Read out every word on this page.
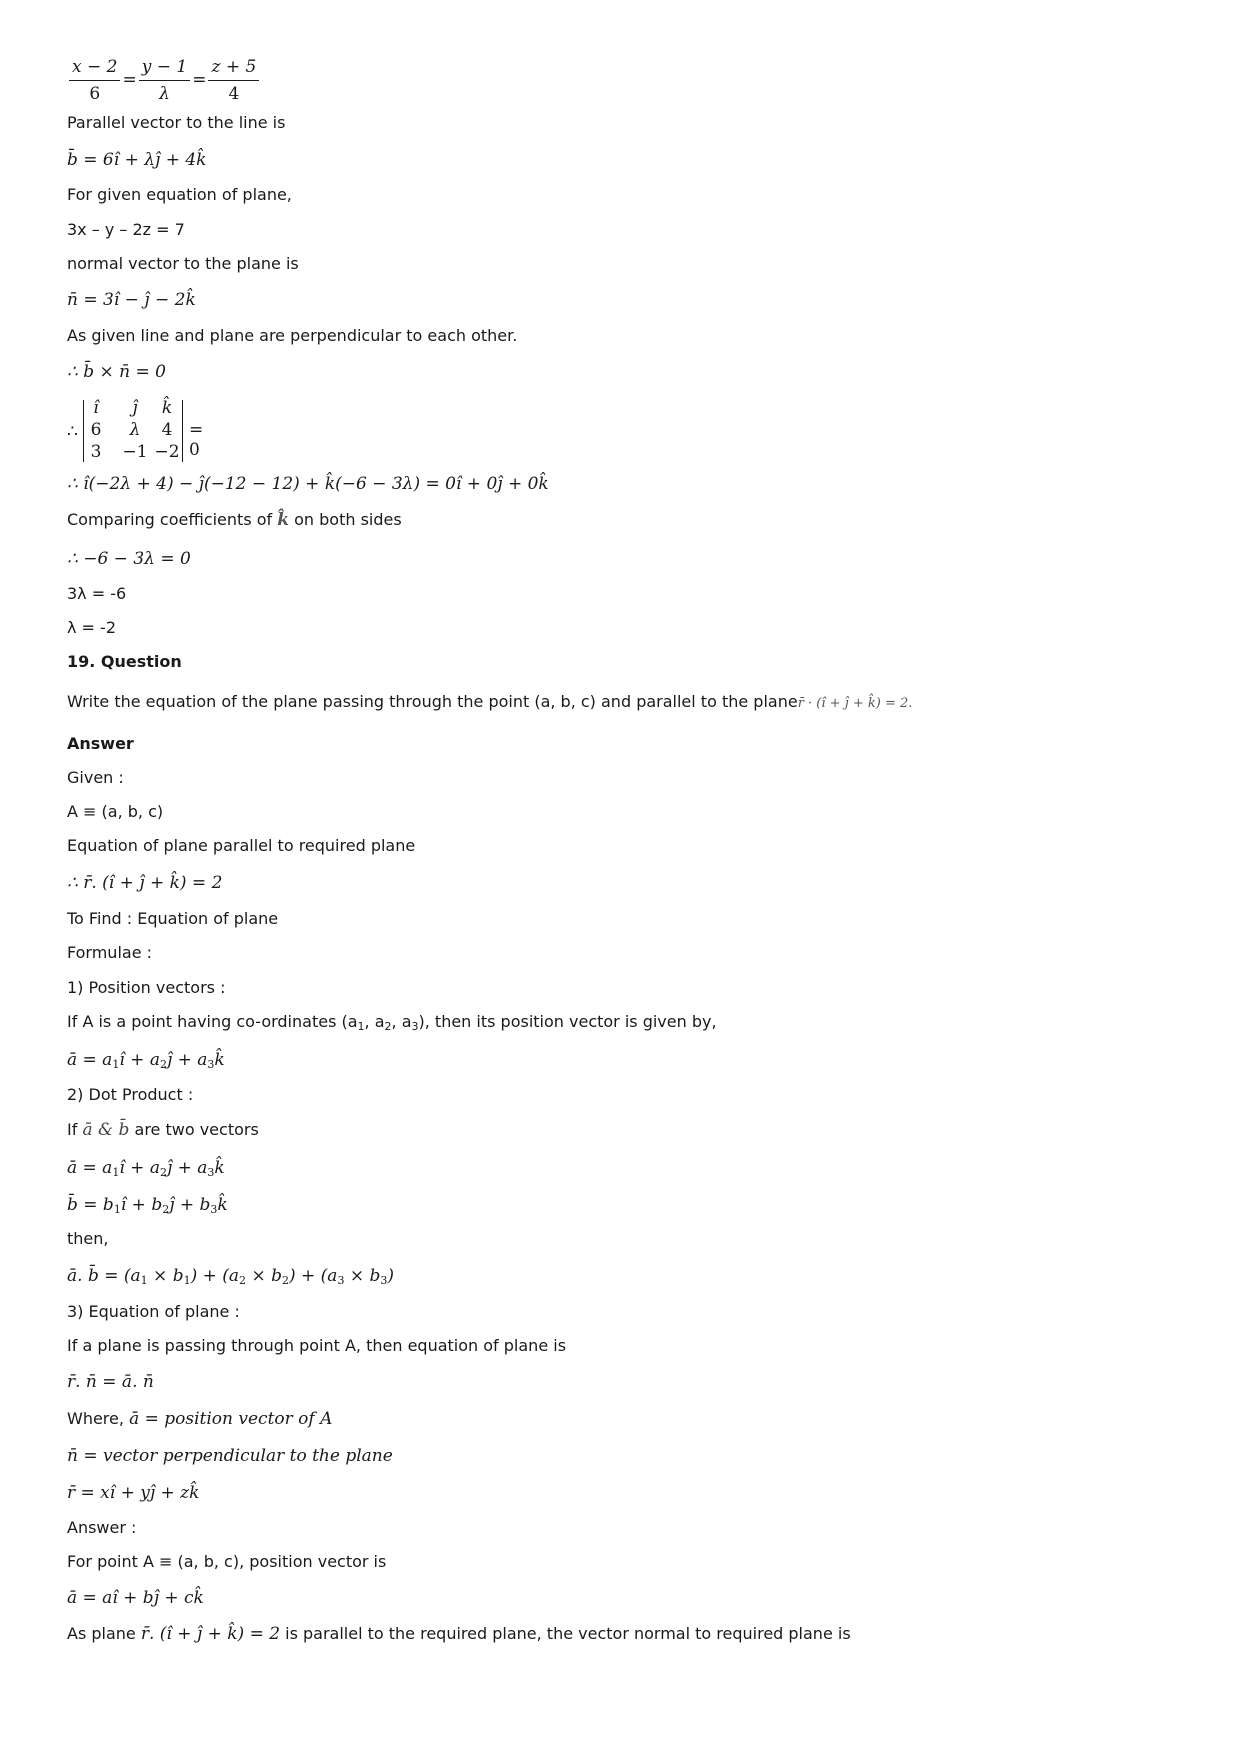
$\frac{x - 2}{6} = \frac{y - 1}{\lambda} = \frac{z + 5}{4}$
Parallel vector to the line is
b̄ = 6î + λĵ + 4k̂
For given equation of plane,
3x – y – 2z = 7
normal vector to the plane is
n̄ = 3î − ĵ − 2k̂
As given line and plane are perpendicular to each other.
∴ b̄ × n̄ = 0
∴
î	ĵ	k̂
6	λ	4
3	−1 −2
= 0
∴ î(−2λ + 4) − ĵ(−12 − 12) + k̂(−6 − 3λ) = 0î + 0ĵ + 0k̂
Comparing coefficients of k̂ on both sides
∴ −6 − 3λ = 0
3λ = -6
λ = -2
19. Question
Write the equation of the plane passing through the point (a, b, c) and parallel to the planer̄ · (î + ĵ + k̂) = 2.
Answer
Given :
A ≡ (a, b, c)
Equation of plane parallel to required plane
∴ r̄. (î + ĵ + k̂) = 2
To Find : Equation of plane
Formulae :
1) Position vectors :
If A is a point having co-ordinates ($a_1$, $a_2$, $a_3$), then its position vector is given by,
ā = $a_1î$ + $a_2ĵ$ + $a_3k̂$
2) Dot Product :
If ā & b̄ are two vectors
ā = $a_1î$ + $a_2ĵ$ + $a_3k̂$
b̄ = $b_1î$ + $b_2ĵ$ + $b_3k̂$
then,
ā. b̄ = $(a_1 \times b_1) + (a_2 \times b_2) + (a_3 \times b_3)$
3) Equation of plane :
If a plane is passing through point A, then equation of plane is
r̄. n̄ = ā. n̄
Where, ā = position vector of A
n̄ = vector perpendicular to the plane
r̄ = xî + yĵ + zk̂
Answer :
For point A ≡ (a, b, c), position vector is
ā = aî + bĵ + ck̂
As plane r̄. (î + ĵ + k̂) = 2 is parallel to the required plane, the vector normal to required plane is
